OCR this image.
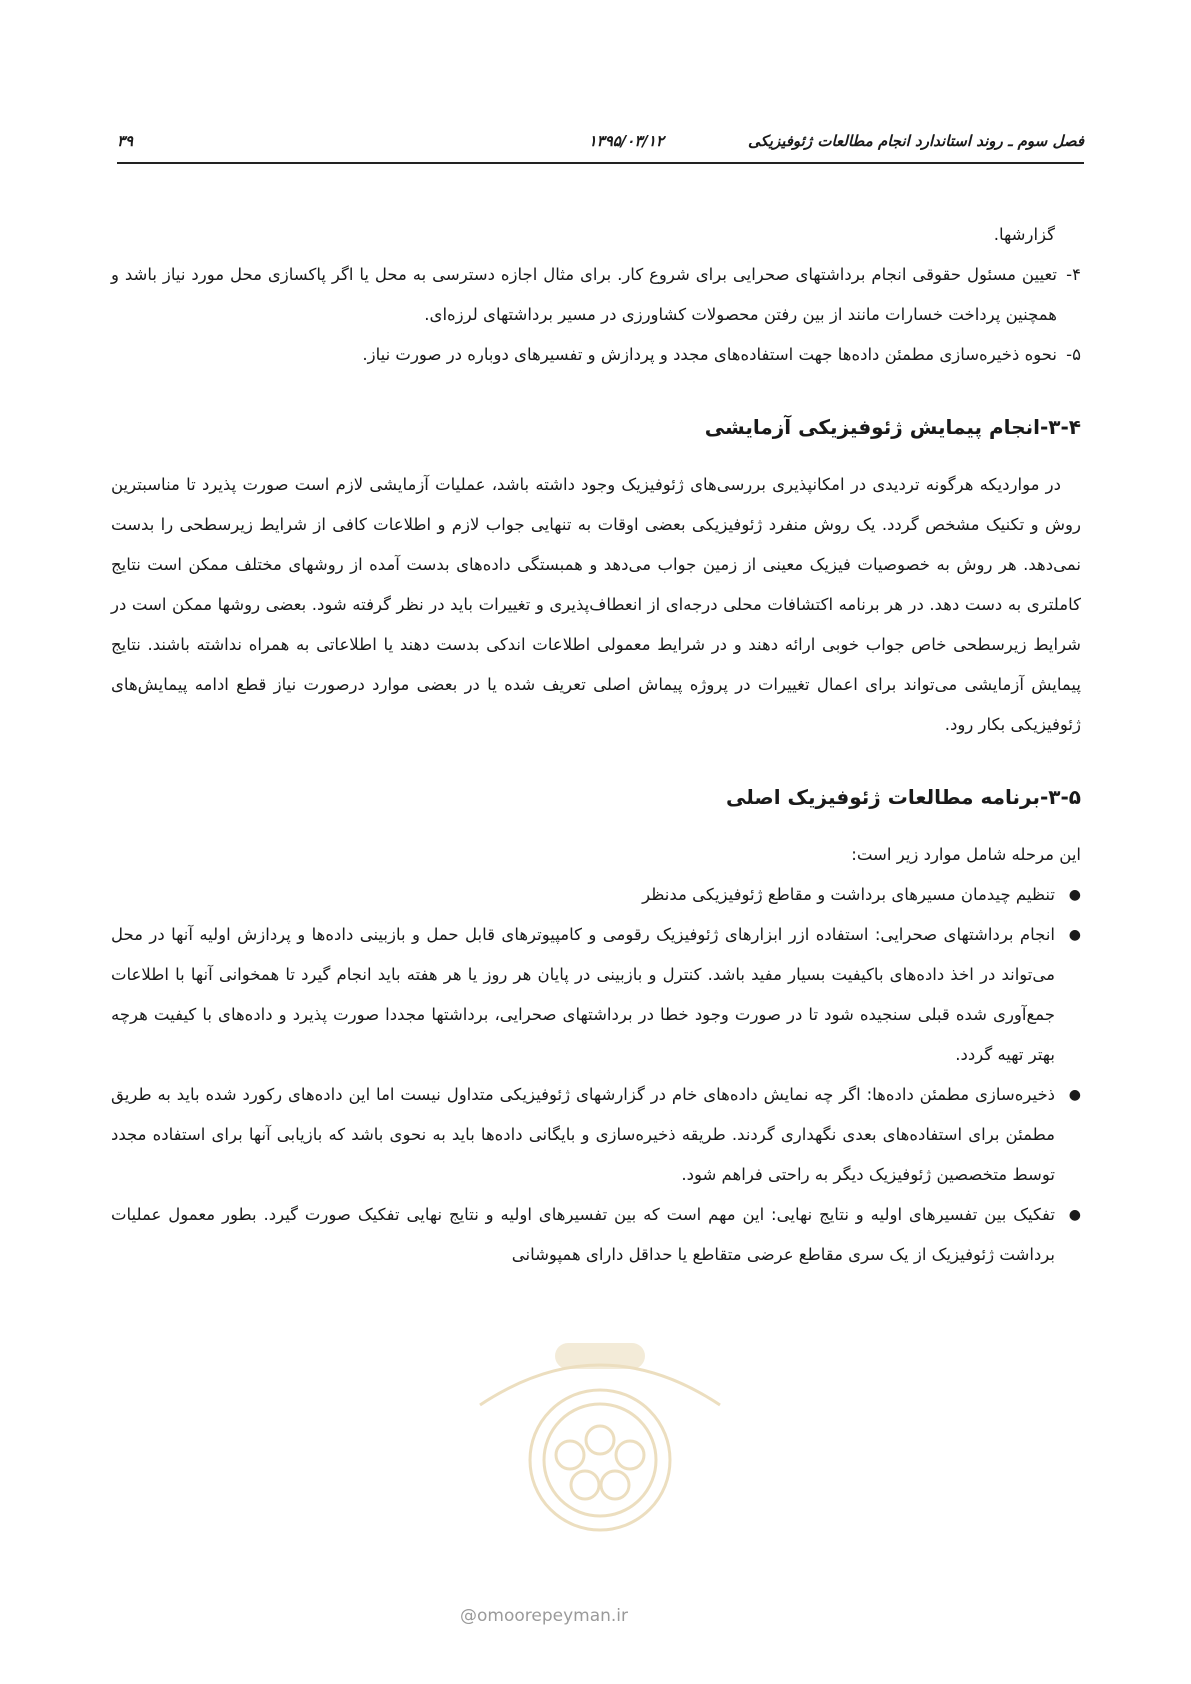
فصل سوم ـ روند استاندارد انجام مطالعات ژئوفیزیکی
۱۳۹۵/۰۳/۱۲
۳۹

گزارشها.

۴-
تعیین مسئول حقوقی انجام برداشتهای صحرایی برای شروع کار. برای مثال اجازه دسترسی به محل یا اگر پاکسازی محل مورد نیاز باشد و همچنین پرداخت خسارات مانند از بین رفتن محصولات کشاورزی در مسیر برداشتهای لرزه‌ای.
۵-
نحوه ذخیره‌سازی مطمئن داده‌ها جهت استفاده‌های مجدد و پردازش و تفسیرهای دوباره در صورت نیاز.
۳-۴-انجام پیمایش ژئوفیزیکی آزمایشی

در مواردیکه هرگونه تردیدی در امکانپذیری بررسی‌های ژئوفیزیک وجود داشته باشد، عملیات آزمایشی لازم است صورت پذیرد تا مناسبترین روش و تکنیک مشخص گردد. یک روش منفرد ژئوفیزیکی بعضی اوقات به تنهایی جواب لازم و اطلاعات کافی از شرایط زیرسطحی را بدست نمی‌دهد. هر روش به خصوصیات فیزیک معینی از زمین جواب می‌دهد و همبستگی داده‌های بدست آمده از روشهای مختلف ممکن است نتایج کاملتری به دست دهد. در هر برنامه اکتشافات محلی درجه‌ای از انعطاف‌پذیری و تغییرات باید در نظر گرفته شود. بعضی روشها ممکن است در شرایط زیرسطحی خاص جواب خوبی ارائه دهند و در شرایط معمولی اطلاعات اندکی بدست دهند یا اطلاعاتی به همراه نداشته باشند. نتایج پیمایش آزمایشی می‌تواند برای اعمال تغییرات در پروژه پیماش اصلی تعریف شده یا در بعضی موارد درصورت نیاز قطع ادامه پیمایش‌های ژئوفیزیکی بکار رود.

۳-۵-برنامه مطالعات ژئوفیزیک اصلی

این مرحله شامل موارد زیر است:

●
تنظیم چیدمان مسیرهای برداشت و مقاطع ژئوفیزیکی مدنظر
●
انجام برداشتهای صحرایی: استفاده ازر ابزارهای ژئوفیزیک رقومی و کامپیوترهای قابل حمل و بازبینی داده‌ها و پردازش اولیه آنها در محل می‌تواند در اخذ داده‌های باکیفیت بسیار مفید باشد. کنترل و بازبینی در پایان هر روز یا هر هفته باید انجام گیرد تا همخوانی آنها با اطلاعات جمع‌آوری شده قبلی سنجیده شود تا در صورت وجود خطا در برداشتهای صحرایی، برداشتها مجددا صورت پذیرد و داده‌های با کیفیت هرچه بهتر تهیه گردد.
●
ذخیره‌سازی مطمئن داده‌ها: اگر چه نمایش داده‌های خام در گزارشهای ژئوفیزیکی متداول نیست اما این داده‌های رکورد شده باید به طریق مطمئن برای استفاده‌های بعدی نگهداری گردند. طریقه ذخیره‌سازی و بایگانی داده‌ها باید به نحوی باشد که بازیابی آنها برای استفاده مجدد توسط متخصصین ژئوفیزیک دیگر به راحتی فراهم شود.
●
تفکیک بین تفسیرهای اولیه و نتایج نهایی: این مهم است که بین تفسیرهای اولیه و نتایج نهایی تفکیک صورت گیرد. بطور معمول عملیات برداشت ژئوفیزیک از یک سری مقاطع عرضی متقاطع یا حداقل دارای همپوشانی
@omoorepeyman.ir
